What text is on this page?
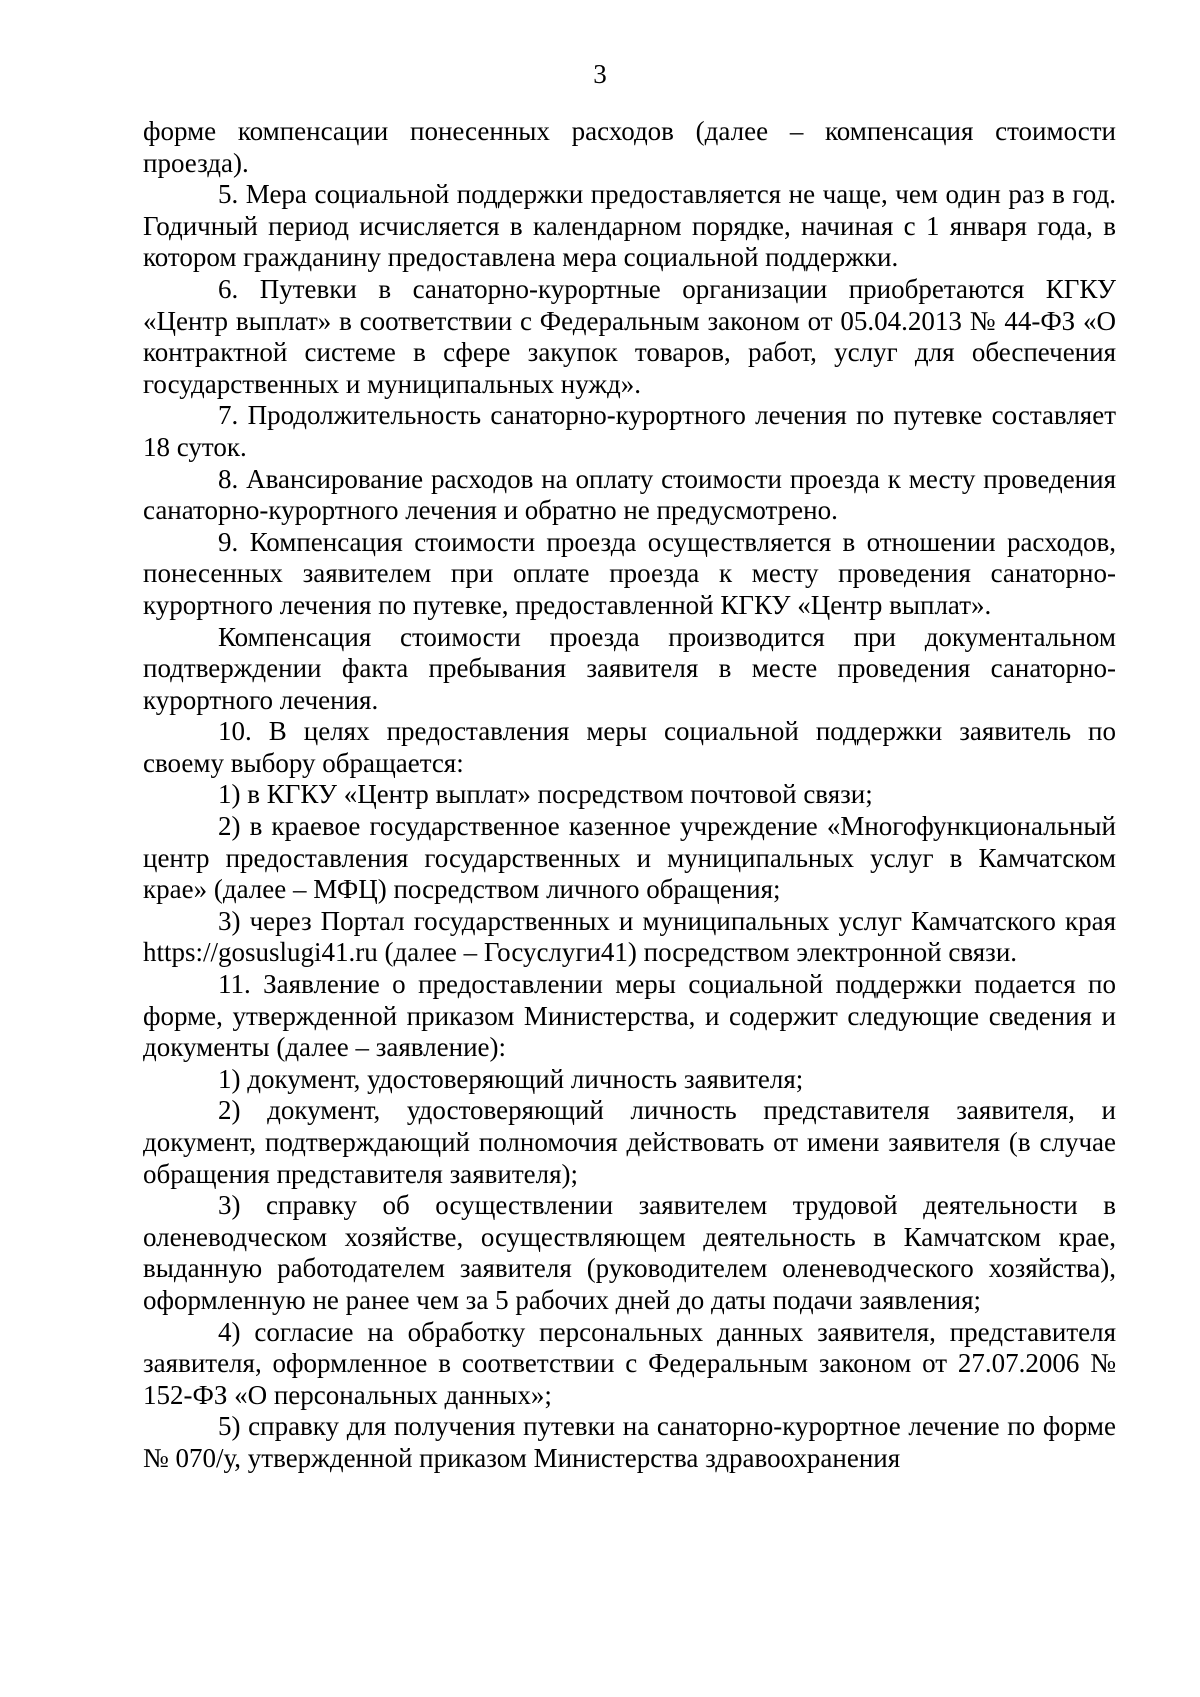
3

форме компенсации понесенных расходов (далее – компенсация стоимости проезда).

5. Мера социальной поддержки предоставляется не чаще, чем один раз в год. Годичный период исчисляется в календарном порядке, начиная с 1 января года, в котором гражданину предоставлена мера социальной поддержки.

6. Путевки в санаторно-курортные организации приобретаются КГКУ «Центр выплат» в соответствии с Федеральным законом от 05.04.2013 № 44-ФЗ «О контрактной системе в сфере закупок товаров, работ, услуг для обеспечения государственных и муниципальных нужд».

7. Продолжительность санаторно-курортного лечения по путевке составляет 18 суток.

8. Авансирование расходов на оплату стоимости проезда к месту проведения санаторно-курортного лечения и обратно не предусмотрено.

9. Компенсация стоимости проезда осуществляется в отношении расходов, понесенных заявителем при оплате проезда к месту проведения санаторно-курортного лечения по путевке, предоставленной КГКУ «Центр выплат».

Компенсация стоимости проезда производится при документальном подтверждении факта пребывания заявителя в месте проведения санаторно-курортного лечения.

10. В целях предоставления меры социальной поддержки заявитель по своему выбору обращается:

1) в КГКУ «Центр выплат» посредством почтовой связи;

2) в краевое государственное казенное учреждение «Многофункциональный центр предоставления государственных и муниципальных услуг в Камчатском крае» (далее – МФЦ) посредством личного обращения;

3) через Портал государственных и муниципальных услуг Камчатского края https://gosuslugi41.ru (далее – Госуслуги41) посредством электронной связи.

11. Заявление о предоставлении меры социальной поддержки подается по форме, утвержденной приказом Министерства, и содержит следующие сведения и документы (далее – заявление):

1) документ, удостоверяющий личность заявителя;

2) документ, удостоверяющий личность представителя заявителя, и документ, подтверждающий полномочия действовать от имени заявителя (в случае обращения представителя заявителя);

3) справку об осуществлении заявителем трудовой деятельности в оленеводческом хозяйстве, осуществляющем деятельность в Камчатском крае, выданную работодателем заявителя (руководителем оленеводческого хозяйства), оформленную не ранее чем за 5 рабочих дней до даты подачи заявления;

4) согласие на обработку персональных данных заявителя, представителя заявителя, оформленное в соответствии с Федеральным законом от 27.07.2006 № 152-ФЗ «О персональных данных»;

5) справку для получения путевки на санаторно-курортное лечение по форме № 070/у, утвержденной приказом Министерства здравоохранения
